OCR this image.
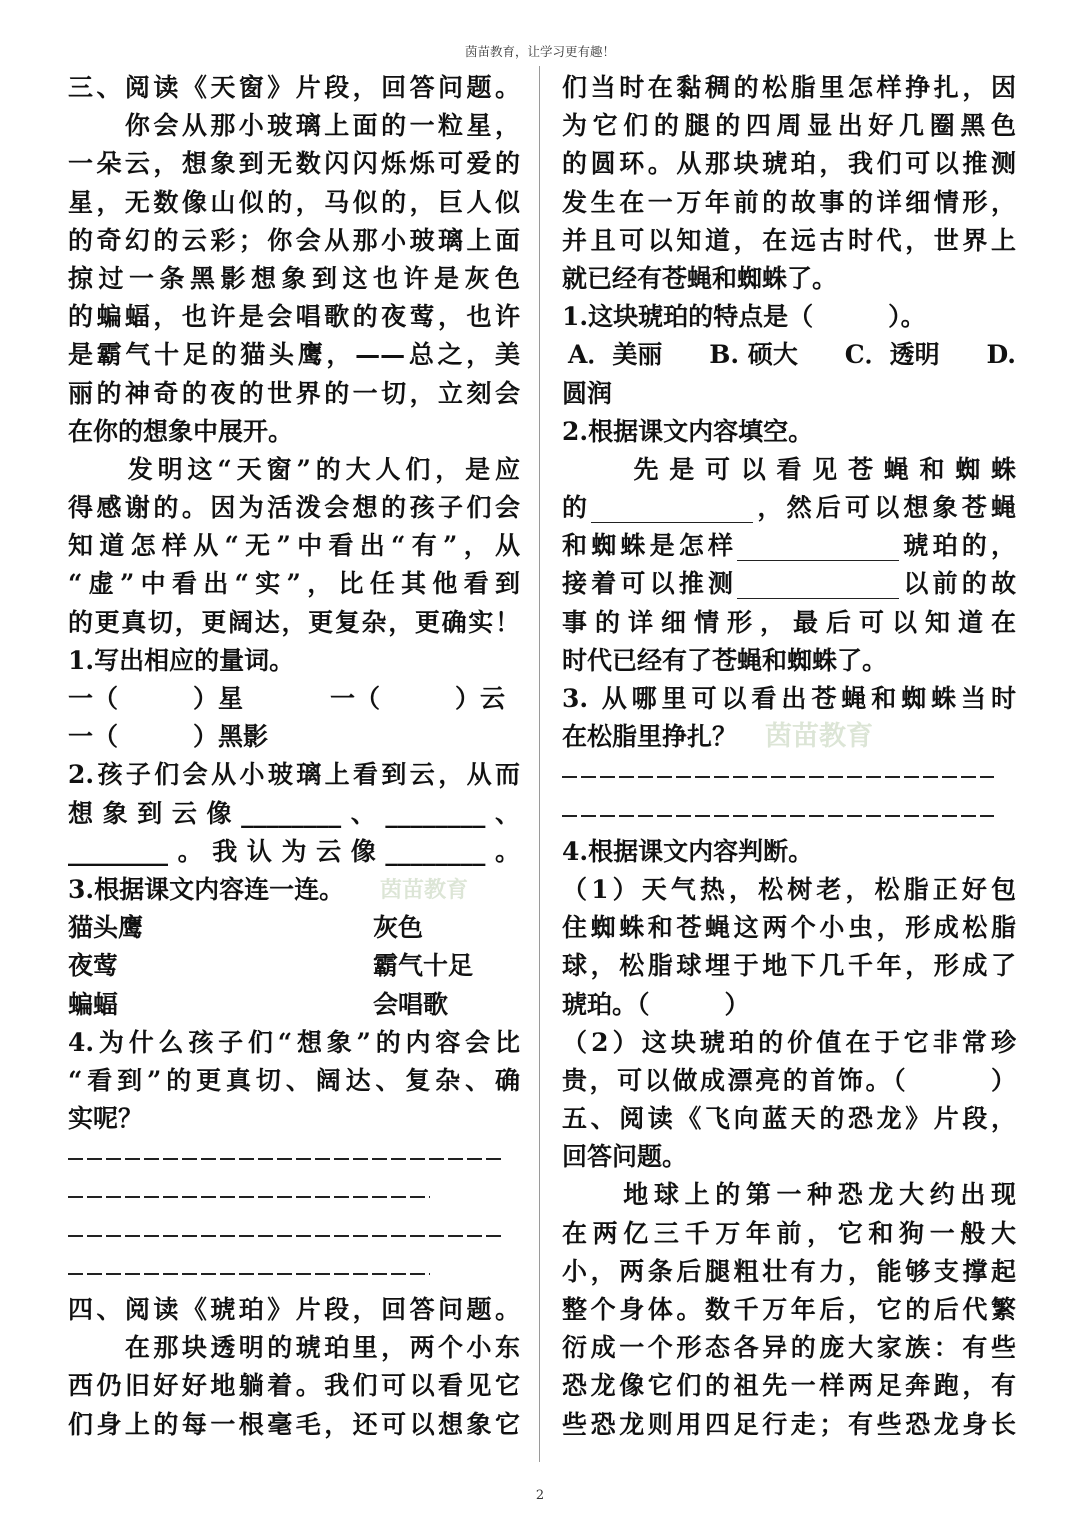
茵苗教育，让学习更有趣！
三、阅读《天窗》片段，回答问题。
　　你会从那小玻璃上面的一粒星，
一朵云，想象到无数闪闪烁烁可爱的
星，无数像山似的，马似的，巨人似
的奇幻的云彩；你会从那小玻璃上面
掠过一条黑影想象到这也许是灰色
的蝙蝠，也许是会唱歌的夜莺，也许
是霸气十足的猫头鹰，——总之，美
丽的神奇的夜的世界的一切，立刻会
在你的想象中展开。
　　发明这“天窗”的大人们，是应
得感谢的。因为活泼会想的孩子们会
知道怎样从“无”中看出“有”，从
“虚”中看出“实”，比任其他看到
的更真切，更阔达，更复杂，更确实！
1.写出相应的量词。
一（　　　）星	一（　　　）云
一（　　　）黑影
2.孩子们会从小玻璃上看到云，从而
想象到云像________、________、
________。我认为云像________。
3.根据课文内容连一连。 茵苗教育
猫头鹰	灰色
夜莺	霸气十足
蝙蝠	会唱歌
4.为什么孩子们“想象”的内容会比
“看到”的更真切、阔达、复杂、确
实呢？
四、阅读《琥珀》片段，回答问题。
　　在那块透明的琥珀里，两个小东
西仍旧好好地躺着。我们可以看见它
们身上的每一根毫毛，还可以想象它
们当时在黏稠的松脂里怎样挣扎，因
为它们的腿的四周显出好几圈黑色
的圆环。从那块琥珀，我们可以推测
发生在一万年前的故事的详细情形，
并且可以知道，在远古时代，世界上
就已经有苍蝇和蜘蛛了。
1.这块琥珀的特点是（　　　）。
A．美丽 B. 硕大 C．透明 D.
圆润
2.根据课文内容填空。
　　先是可以看见苍蝇和蜘蛛
的	，然后可以想象苍蝇
和蜘蛛是怎样	琥珀的，
接着可以推测	以前的故
事的详细情形，最后可以知道在
时代已经有了苍蝇和蜘蛛了。
3. 从哪里可以看出苍蝇和蜘蛛当时
在松脂里挣扎？ 茵苗教育
4.根据课文内容判断。
（1）天气热，松树老，松脂正好包
住蜘蛛和苍蝇这两个小虫，形成松脂
球，松脂球埋于地下几千年，形成了
琥珀。（　　　）
（2）这块琥珀的价值在于它非常珍
贵，可以做成漂亮的首饰。（　　　）
五、阅读《飞向蓝天的恐龙》片段，
回答问题。
　　地球上的第一种恐龙大约出现
在两亿三千万年前，它和狗一般大
小，两条后腿粗壮有力，能够支撑起
整个身体。数千万年后，它的后代繁
衍成一个形态各异的庞大家族：有些
恐龙像它们的祖先一样两足奔跑，有
些恐龙则用四足行走；有些恐龙身长
2
